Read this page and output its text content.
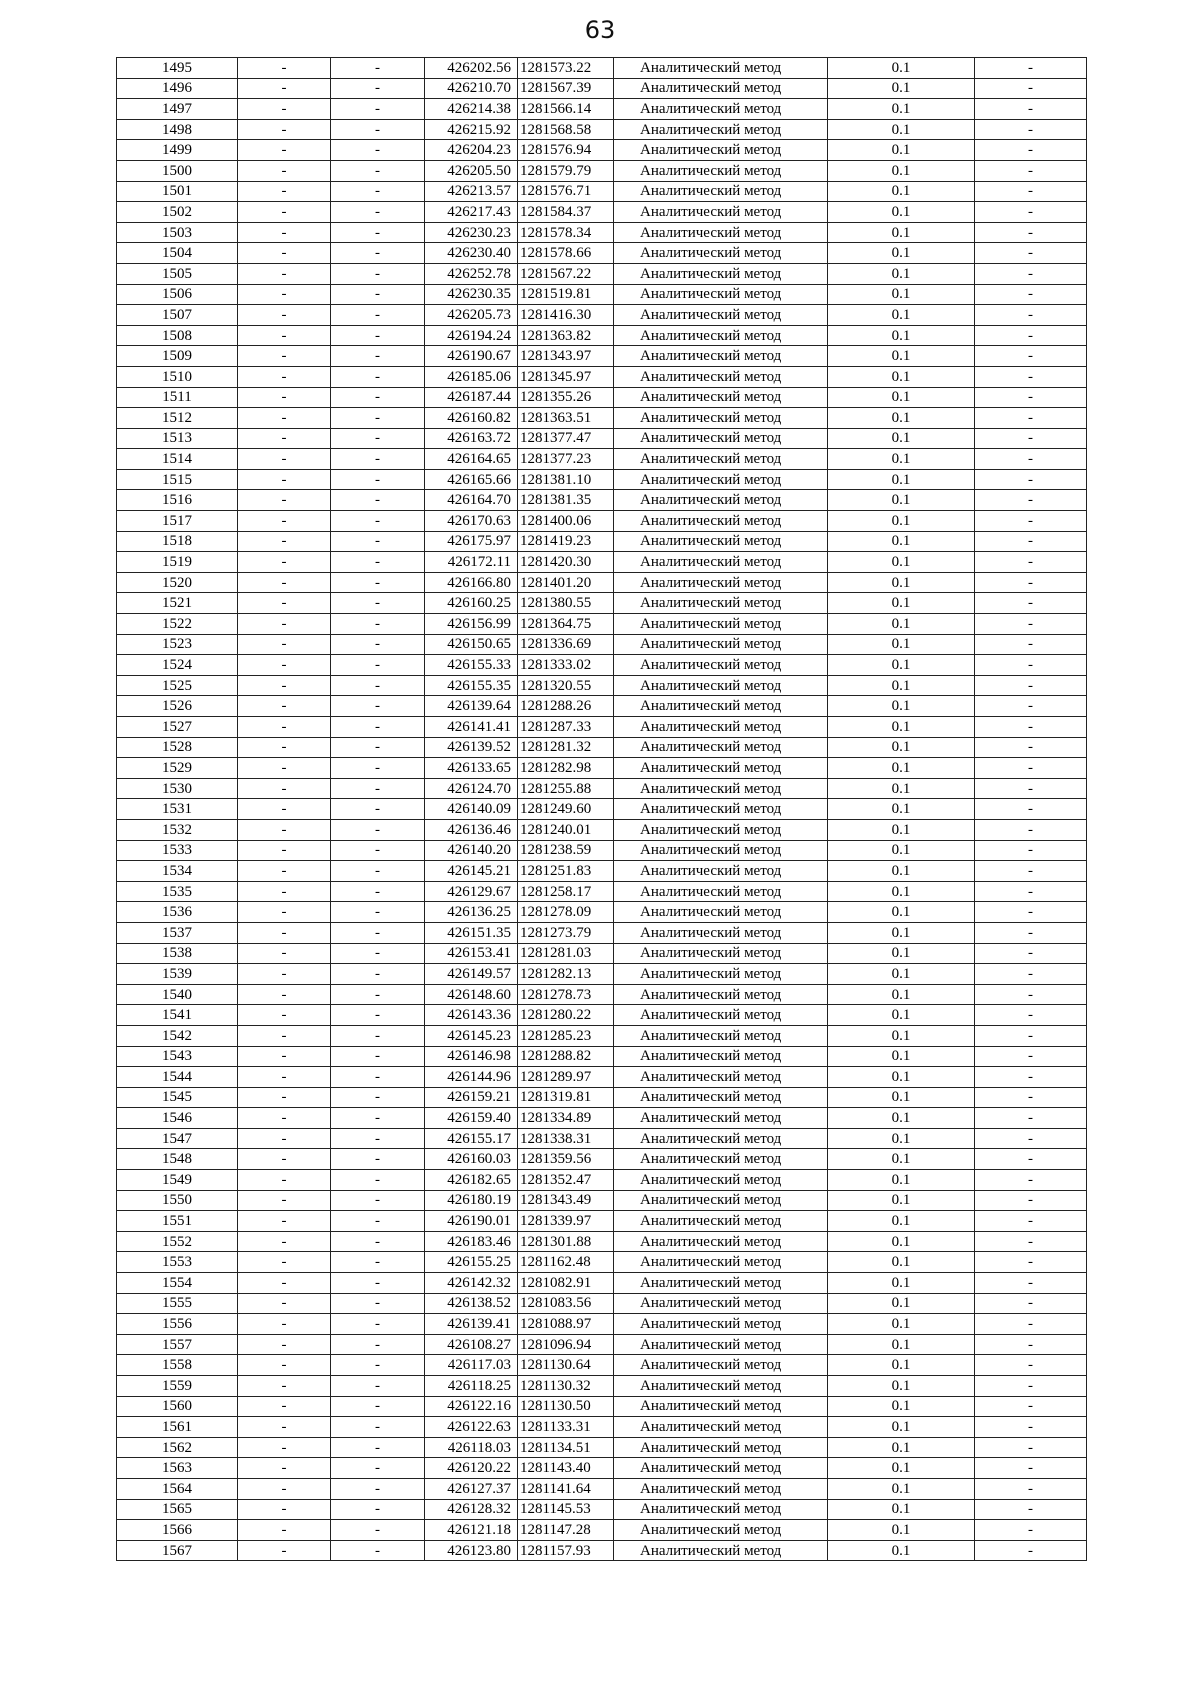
63
1495	-	-	426202.56	1281573.22	Аналитический метод	0.1	-
1496	-	-	426210.70	1281567.39	Аналитический метод	0.1	-
1497	-	-	426214.38	1281566.14	Аналитический метод	0.1	-
1498	-	-	426215.92	1281568.58	Аналитический метод	0.1	-
1499	-	-	426204.23	1281576.94	Аналитический метод	0.1	-
1500	-	-	426205.50	1281579.79	Аналитический метод	0.1	-
1501	-	-	426213.57	1281576.71	Аналитический метод	0.1	-
1502	-	-	426217.43	1281584.37	Аналитический метод	0.1	-
1503	-	-	426230.23	1281578.34	Аналитический метод	0.1	-
1504	-	-	426230.40	1281578.66	Аналитический метод	0.1	-
1505	-	-	426252.78	1281567.22	Аналитический метод	0.1	-
1506	-	-	426230.35	1281519.81	Аналитический метод	0.1	-
1507	-	-	426205.73	1281416.30	Аналитический метод	0.1	-
1508	-	-	426194.24	1281363.82	Аналитический метод	0.1	-
1509	-	-	426190.67	1281343.97	Аналитический метод	0.1	-
1510	-	-	426185.06	1281345.97	Аналитический метод	0.1	-
1511	-	-	426187.44	1281355.26	Аналитический метод	0.1	-
1512	-	-	426160.82	1281363.51	Аналитический метод	0.1	-
1513	-	-	426163.72	1281377.47	Аналитический метод	0.1	-
1514	-	-	426164.65	1281377.23	Аналитический метод	0.1	-
1515	-	-	426165.66	1281381.10	Аналитический метод	0.1	-
1516	-	-	426164.70	1281381.35	Аналитический метод	0.1	-
1517	-	-	426170.63	1281400.06	Аналитический метод	0.1	-
1518	-	-	426175.97	1281419.23	Аналитический метод	0.1	-
1519	-	-	426172.11	1281420.30	Аналитический метод	0.1	-
1520	-	-	426166.80	1281401.20	Аналитический метод	0.1	-
1521	-	-	426160.25	1281380.55	Аналитический метод	0.1	-
1522	-	-	426156.99	1281364.75	Аналитический метод	0.1	-
1523	-	-	426150.65	1281336.69	Аналитический метод	0.1	-
1524	-	-	426155.33	1281333.02	Аналитический метод	0.1	-
1525	-	-	426155.35	1281320.55	Аналитический метод	0.1	-
1526	-	-	426139.64	1281288.26	Аналитический метод	0.1	-
1527	-	-	426141.41	1281287.33	Аналитический метод	0.1	-
1528	-	-	426139.52	1281281.32	Аналитический метод	0.1	-
1529	-	-	426133.65	1281282.98	Аналитический метод	0.1	-
1530	-	-	426124.70	1281255.88	Аналитический метод	0.1	-
1531	-	-	426140.09	1281249.60	Аналитический метод	0.1	-
1532	-	-	426136.46	1281240.01	Аналитический метод	0.1	-
1533	-	-	426140.20	1281238.59	Аналитический метод	0.1	-
1534	-	-	426145.21	1281251.83	Аналитический метод	0.1	-
1535	-	-	426129.67	1281258.17	Аналитический метод	0.1	-
1536	-	-	426136.25	1281278.09	Аналитический метод	0.1	-
1537	-	-	426151.35	1281273.79	Аналитический метод	0.1	-
1538	-	-	426153.41	1281281.03	Аналитический метод	0.1	-
1539	-	-	426149.57	1281282.13	Аналитический метод	0.1	-
1540	-	-	426148.60	1281278.73	Аналитический метод	0.1	-
1541	-	-	426143.36	1281280.22	Аналитический метод	0.1	-
1542	-	-	426145.23	1281285.23	Аналитический метод	0.1	-
1543	-	-	426146.98	1281288.82	Аналитический метод	0.1	-
1544	-	-	426144.96	1281289.97	Аналитический метод	0.1	-
1545	-	-	426159.21	1281319.81	Аналитический метод	0.1	-
1546	-	-	426159.40	1281334.89	Аналитический метод	0.1	-
1547	-	-	426155.17	1281338.31	Аналитический метод	0.1	-
1548	-	-	426160.03	1281359.56	Аналитический метод	0.1	-
1549	-	-	426182.65	1281352.47	Аналитический метод	0.1	-
1550	-	-	426180.19	1281343.49	Аналитический метод	0.1	-
1551	-	-	426190.01	1281339.97	Аналитический метод	0.1	-
1552	-	-	426183.46	1281301.88	Аналитический метод	0.1	-
1553	-	-	426155.25	1281162.48	Аналитический метод	0.1	-
1554	-	-	426142.32	1281082.91	Аналитический метод	0.1	-
1555	-	-	426138.52	1281083.56	Аналитический метод	0.1	-
1556	-	-	426139.41	1281088.97	Аналитический метод	0.1	-
1557	-	-	426108.27	1281096.94	Аналитический метод	0.1	-
1558	-	-	426117.03	1281130.64	Аналитический метод	0.1	-
1559	-	-	426118.25	1281130.32	Аналитический метод	0.1	-
1560	-	-	426122.16	1281130.50	Аналитический метод	0.1	-
1561	-	-	426122.63	1281133.31	Аналитический метод	0.1	-
1562	-	-	426118.03	1281134.51	Аналитический метод	0.1	-
1563	-	-	426120.22	1281143.40	Аналитический метод	0.1	-
1564	-	-	426127.37	1281141.64	Аналитический метод	0.1	-
1565	-	-	426128.32	1281145.53	Аналитический метод	0.1	-
1566	-	-	426121.18	1281147.28	Аналитический метод	0.1	-
1567	-	-	426123.80	1281157.93	Аналитический метод	0.1	-
